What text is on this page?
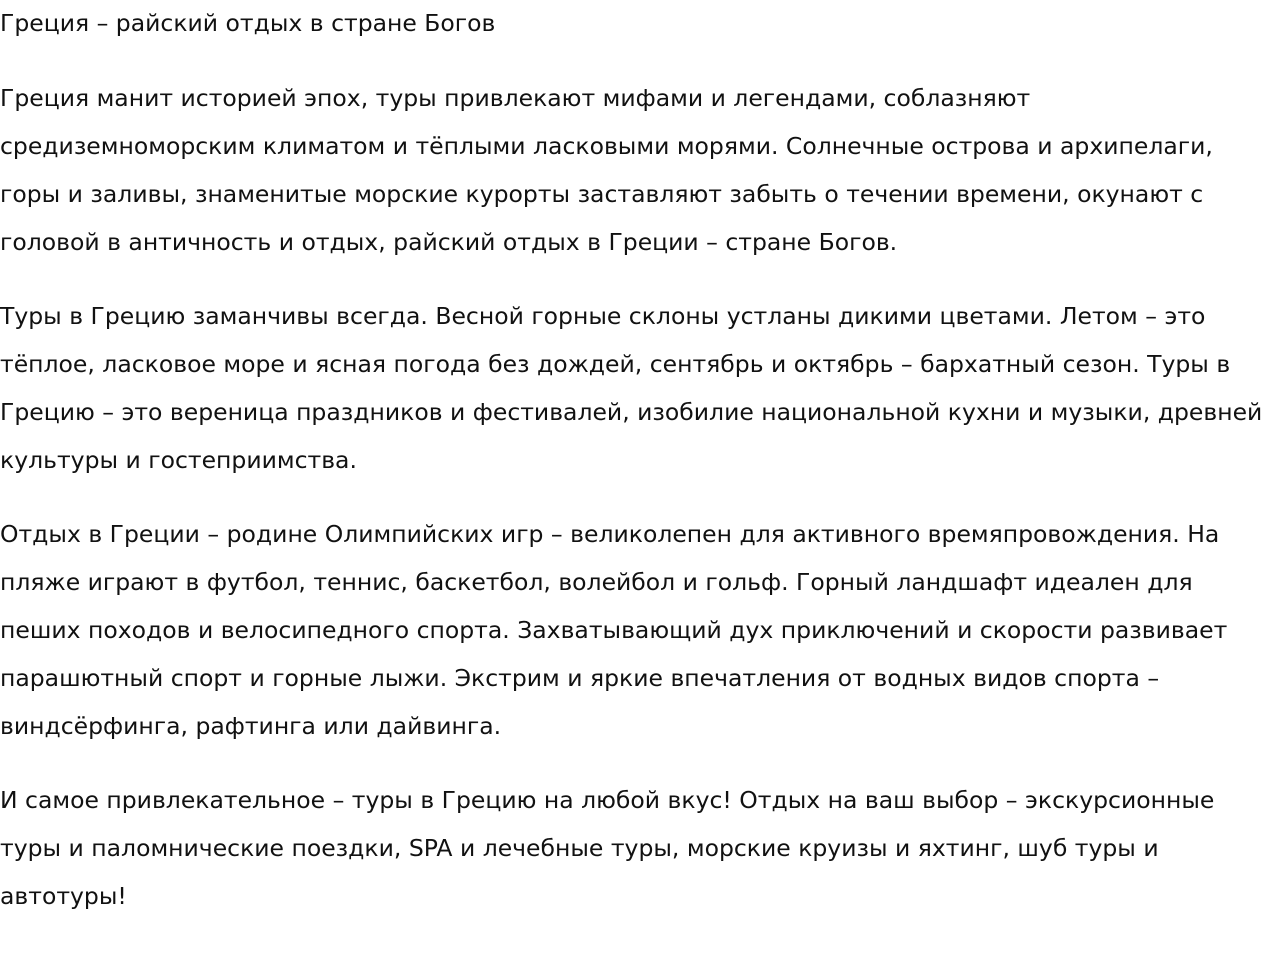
Греция – райский отдых в стране Богов

Греция манит историей эпох, туры привлекают мифами и легендами, соблазняют средиземноморским климатом и тёплыми ласковыми морями. Солнечные острова и архипелаги, горы и заливы, знаменитые морские курорты заставляют забыть о течении времени, окунают с головой в античность и отдых, райский отдых в Греции – стране Богов.

Туры в Грецию заманчивы всегда. Весной горные склоны устланы дикими цветами. Летом – это тёплое, ласковое море и ясная погода без дождей, сентябрь и октябрь – бархатный сезон. Туры в Грецию – это вереница праздников и фестивалей, изобилие национальной кухни и музыки, древней культуры и гостеприимства.

Отдых в Греции – родине Олимпийских игр – великолепен для активного времяпровождения. На пляже играют в футбол, теннис, баскетбол, волейбол и гольф. Горный ландшафт идеален для пеших походов и велосипедного спорта. Захватывающий дух приключений и скорости развивает парашютный спорт и горные лыжи. Экстрим и яркие впечатления от водных видов спорта – виндсёрфинга, рафтинга или дайвинга.

И самое привлекательное – туры в Грецию на любой вкус! Отдых на ваш выбор – экскурсионные туры и паломнические поездки, SPA и лечебные туры, морские круизы и яхтинг, шуб туры и автотуры!
